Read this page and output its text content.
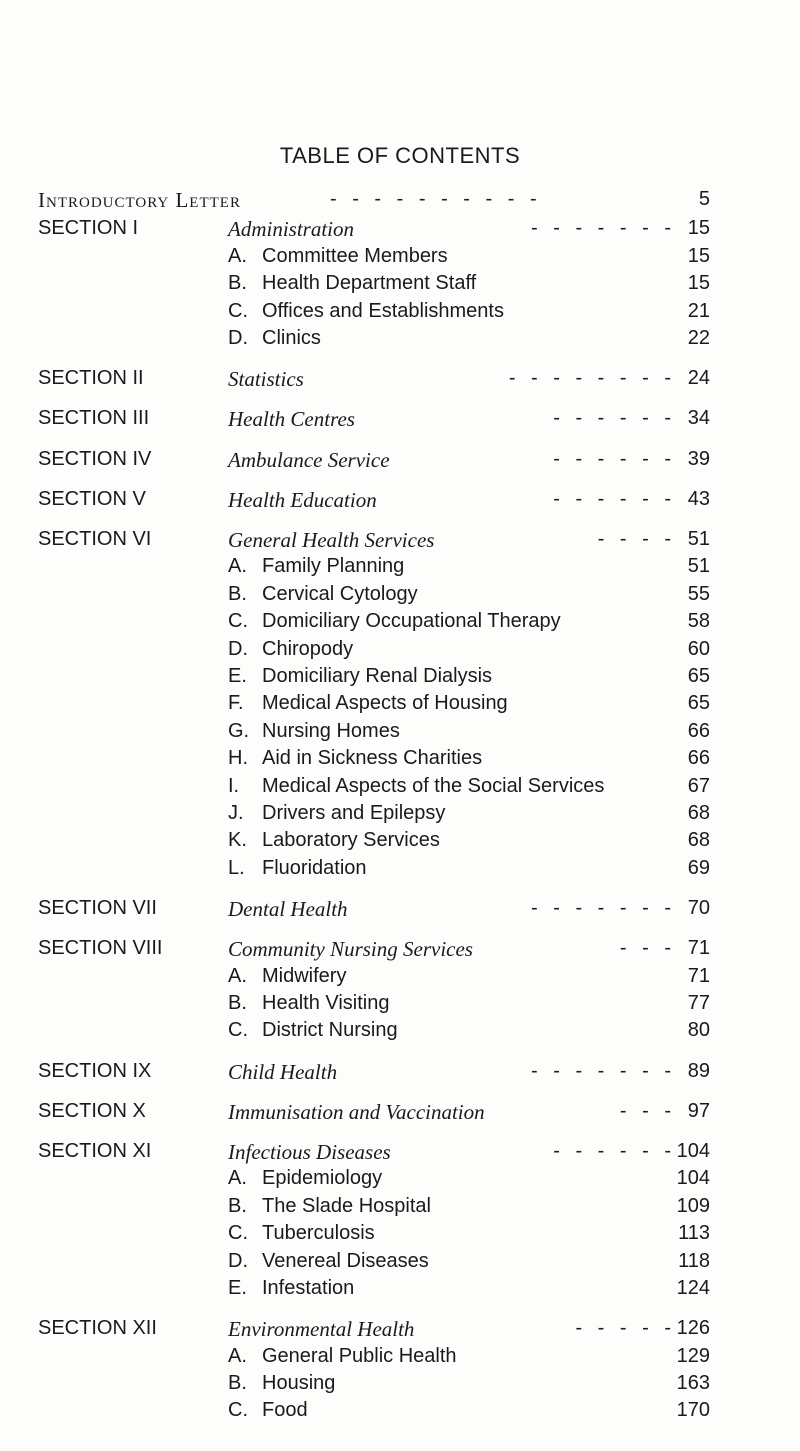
TABLE OF CONTENTS
Introductory Letter	- - - - - - - - - -	5
SECTION I	Administration	- - - - - - - 15
A. Committee Members	15
B. Health Department Staff	15
C. Offices and Establishments	21
D. Clinics	22
SECTION II	Statistics	- - - - - - - - 24
SECTION III	Health Centres	- - - - - - 34
SECTION IV	Ambulance Service	- - - - - - 39
SECTION V	Health Education	- - - - - - 43
SECTION VI	General Health Services	- - - - 51
A. Family Planning	51
B. Cervical Cytology	55
C. Domiciliary Occupational Therapy	58
D. Chiropody	60
E. Domiciliary Renal Dialysis	65
F. Medical Aspects of Housing	65
G. Nursing Homes	66
H. Aid in Sickness Charities	66
I. Medical Aspects of the Social Services	67
J. Drivers and Epilepsy	68
K. Laboratory Services	68
L. Fluoridation	69
SECTION VII	Dental Health	- - - - - - - 70
SECTION VIII	Community Nursing Services	- - - 71
A. Midwifery	71
B. Health Visiting	77
C. District Nursing	80
SECTION IX	Child Health	- - - - - - - 89
SECTION X	Immunisation and Vaccination	- - - 97
SECTION XI	Infectious Diseases	- - - - - - 104
A. Epidemiology	104
B. The Slade Hospital	109
C. Tuberculosis	113
D. Venereal Diseases	118
E. Infestation	124
SECTION XII	Environmental Health	- - - - - 126
A. General Public Health	129
B. Housing	163
C. Food	170
